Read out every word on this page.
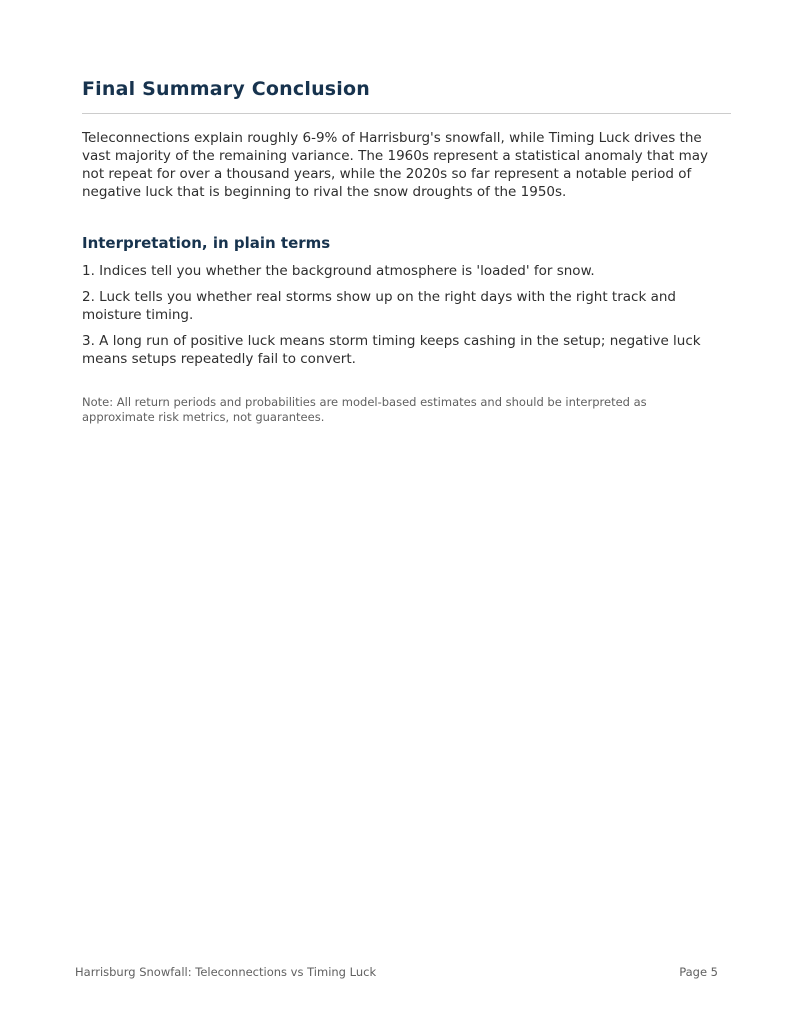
Final Summary Conclusion

Teleconnections explain roughly 6-9% of Harrisburg's snowfall, while Timing Luck drives the vast majority of the remaining variance. The 1960s represent a statistical anomaly that may not repeat for over a thousand years, while the 2020s so far represent a notable period of negative luck that is beginning to rival the snow droughts of the 1950s.

Interpretation, in plain terms

1. Indices tell you whether the background atmosphere is 'loaded' for snow.

2. Luck tells you whether real storms show up on the right days with the right track and moisture timing.

3. A long run of positive luck means storm timing keeps cashing in the setup; negative luck means setups repeatedly fail to convert.

Note: All return periods and probabilities are model-based estimates and should be interpreted as approximate risk metrics, not guarantees.

Harrisburg Snowfall: Teleconnections vs Timing Luck	Page 5
